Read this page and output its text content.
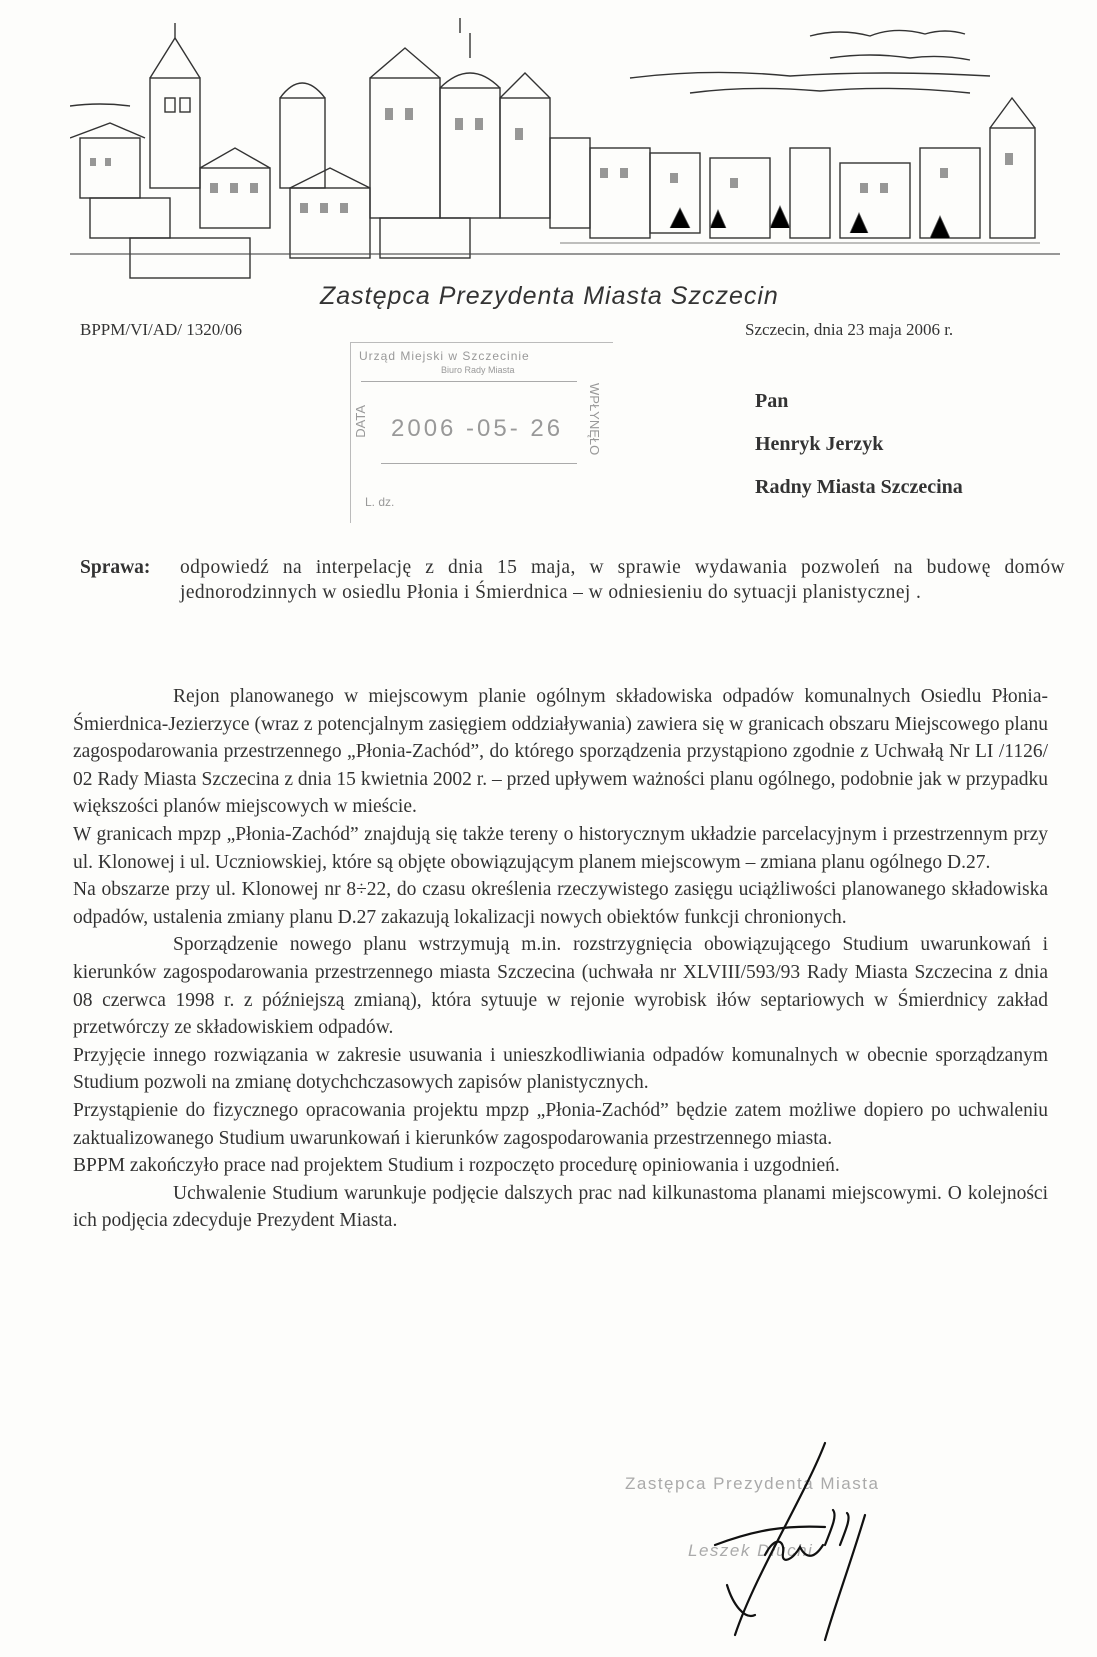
Zastępca Prezydenta Miasta Szczecin
BPPM/VI/AD/ 1320/06	Szczecin, dnia 23 maja 2006 r.
Urząd Miejski w Szczecinie
Biuro Rady Miasta
DATA 2006 -05- 26 WPŁYNĘŁO
L. dz.
Pan
Henryk Jerzyk
Radny Miasta Szczecina
Sprawa: odpowiedź na interpelację z dnia 15 maja, w sprawie wydawania pozwoleń na budowę domów jednorodzinnych w osiedlu Płonia i Śmierdnica – w odniesieniu do sytuacji planistycznej .

Rejon planowanego w miejscowym planie ogólnym składowiska odpadów komunalnych Osiedlu Płonia-Śmierdnica-Jezierzyce (wraz z potencjalnym zasięgiem oddziaływania) zawiera się w granicach obszaru Miejscowego planu zagospodarowania przestrzennego „Płonia-Zachód”, do którego sporządzenia przystąpiono zgodnie z Uchwałą Nr LI /1126/ 02 Rady Miasta Szczecina z dnia 15 kwietnia 2002 r. – przed upływem ważności planu ogólnego, podobnie jak w przypadku większości planów miejscowych w mieście.

W granicach mpzp „Płonia-Zachód” znajdują się także tereny o historycznym układzie parcelacyjnym i przestrzennym przy ul. Klonowej i ul. Uczniowskiej, które są objęte obowiązującym planem miejscowym – zmiana planu ogólnego D.27.

Na obszarze przy ul. Klonowej nr 8÷22, do czasu określenia rzeczywistego zasięgu uciążliwości planowanego składowiska odpadów, ustalenia zmiany planu D.27 zakazują lokalizacji nowych obiektów funkcji chronionych.

Sporządzenie nowego planu wstrzymują m.in. rozstrzygnięcia obowiązującego Studium uwarunkowań i kierunków zagospodarowania przestrzennego miasta Szczecina (uchwała nr XLVIII/593/93 Rady Miasta Szczecina z dnia 08 czerwca 1998 r. z późniejszą zmianą), która sytuuje w rejonie wyrobisk iłów septariowych w Śmierdnicy zakład przetwórczy ze składowiskiem odpadów.

Przyjęcie innego rozwiązania w zakresie usuwania i unieszkodliwiania odpadów komunalnych w obecnie sporządzanym Studium pozwoli na zmianę dotychchczasowych zapisów planistycznych.

Przystąpienie do fizycznego opracowania projektu mpzp „Płonia-Zachód” będzie zatem możliwe dopiero po uchwaleniu zaktualizowanego Studium uwarunkowań i kierunków zagospodarowania przestrzennego miasta.

BPPM zakończyło prace nad projektem Studium i rozpoczęto procedurę opiniowania i uzgodnień.

Uchwalenie Studium warunkuje podjęcie dalszych prac nad kilkunastoma planami miejscowymi. O kolejności ich podjęcia zdecyduje Prezydent Miasta.

Zastępca Prezydenta Miasta
Leszek Dłuchi
